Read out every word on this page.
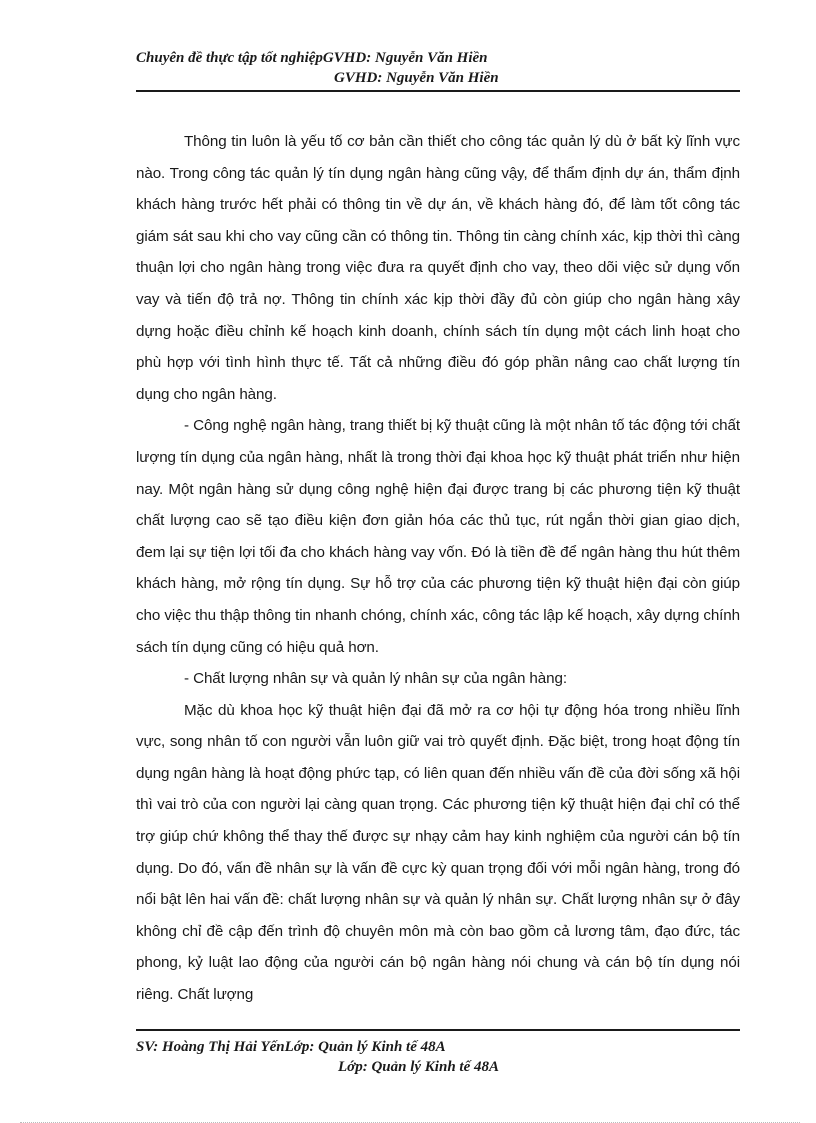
Chuyên đề thực tập tốt nghiệpGVHD: Nguyễn Văn Hiền
GVHD: Nguyễn Văn Hiền

Thông tin luôn là yếu tố cơ bản cần thiết cho công tác quản lý dù ở bất kỳ lĩnh vực nào. Trong công tác quản lý tín dụng ngân hàng cũng vậy, để thẩm định dự án, thẩm định khách hàng trước hết phải có thông tin về dự án, về khách hàng đó, để làm tốt công tác giám sát sau khi cho vay cũng cần có thông tin. Thông tin càng chính xác, kịp thời thì càng thuận lợi cho ngân hàng trong việc đưa ra quyết định cho vay, theo dõi việc sử dụng vốn vay và tiến độ trả nợ. Thông tin chính xác kịp thời đầy đủ còn giúp cho ngân hàng xây dựng hoặc điều chỉnh kế hoạch kinh doanh, chính sách tín dụng một cách linh hoạt cho phù hợp với tình hình thực tế. Tất cả những điều đó góp phần nâng cao chất lượng tín dụng cho ngân hàng.

- Công nghệ ngân hàng, trang thiết bị kỹ thuật cũng là một nhân tố tác động tới chất lượng tín dụng của ngân hàng, nhất là trong thời đại khoa học kỹ thuật phát triển như hiện nay. Một ngân hàng sử dụng công nghệ hiện đại được trang bị các phương tiện kỹ thuật chất lượng cao sẽ tạo điều kiện đơn giản hóa các thủ tục, rút ngắn thời gian giao dịch, đem lại sự tiện lợi tối đa cho khách hàng vay vốn. Đó là tiền đề để ngân hàng thu hút thêm khách hàng, mở rộng tín dụng. Sự hỗ trợ của các phương tiện kỹ thuật hiện đại còn giúp cho việc thu thập thông tin nhanh chóng, chính xác, công tác lập kế hoạch, xây dựng chính sách tín dụng cũng có hiệu quả hơn.

- Chất lượng nhân sự và quản lý nhân sự của ngân hàng:

Mặc dù khoa học kỹ thuật hiện đại đã mở ra cơ hội tự động hóa trong nhiều lĩnh vực, song nhân tố con người vẫn luôn giữ vai trò quyết định. Đặc biệt, trong hoạt động tín dụng ngân hàng là hoạt động phức tạp, có liên quan đến nhiều vấn đề của đời sống xã hội thì vai trò của con người lại càng quan trọng. Các phương tiện kỹ thuật hiện đại chỉ có thể trợ giúp chứ không thể thay thế được sự nhạy cảm hay kinh nghiệm của người cán bộ tín dụng. Do đó, vấn đề nhân sự là vấn đề cực kỳ quan trọng đối với mỗi ngân hàng, trong đó nổi bật lên hai vấn đề: chất lượng nhân sự và quản lý nhân sự. Chất lượng nhân sự ở đây không chỉ đề cập đến trình độ chuyên môn mà còn bao gồm cả lương tâm, đạo đức, tác phong, kỷ luật lao động của người cán bộ ngân hàng nói chung và cán bộ tín dụng nói riêng. Chất lượng

SV: Hoàng Thị Hải YếnLớp: Quản lý Kinh tế 48A
Lớp: Quản lý Kinh tế 48A
